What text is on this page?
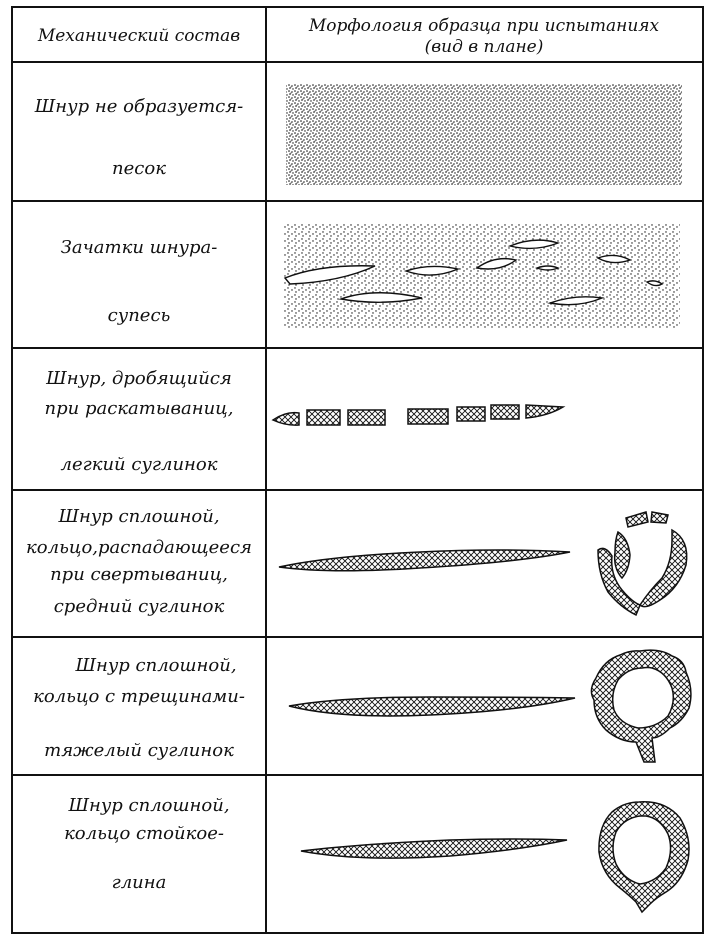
Механический состав	Морфология образца при испытаниях
(вид в плане)
Шнур не образуется-
песок
Зачатки шнура-
супесь
Шнур, дробящийся
при раскатываниц,
легкий суглинок
Шнур сплошной,
кольцо,распадающееся
при свертываниц,
средний суглинок
Шнур сплошной,
кольцо с трещинами-
тяжелый суглинок
Шнур сплошной,
кольцо стойкое-
глина
